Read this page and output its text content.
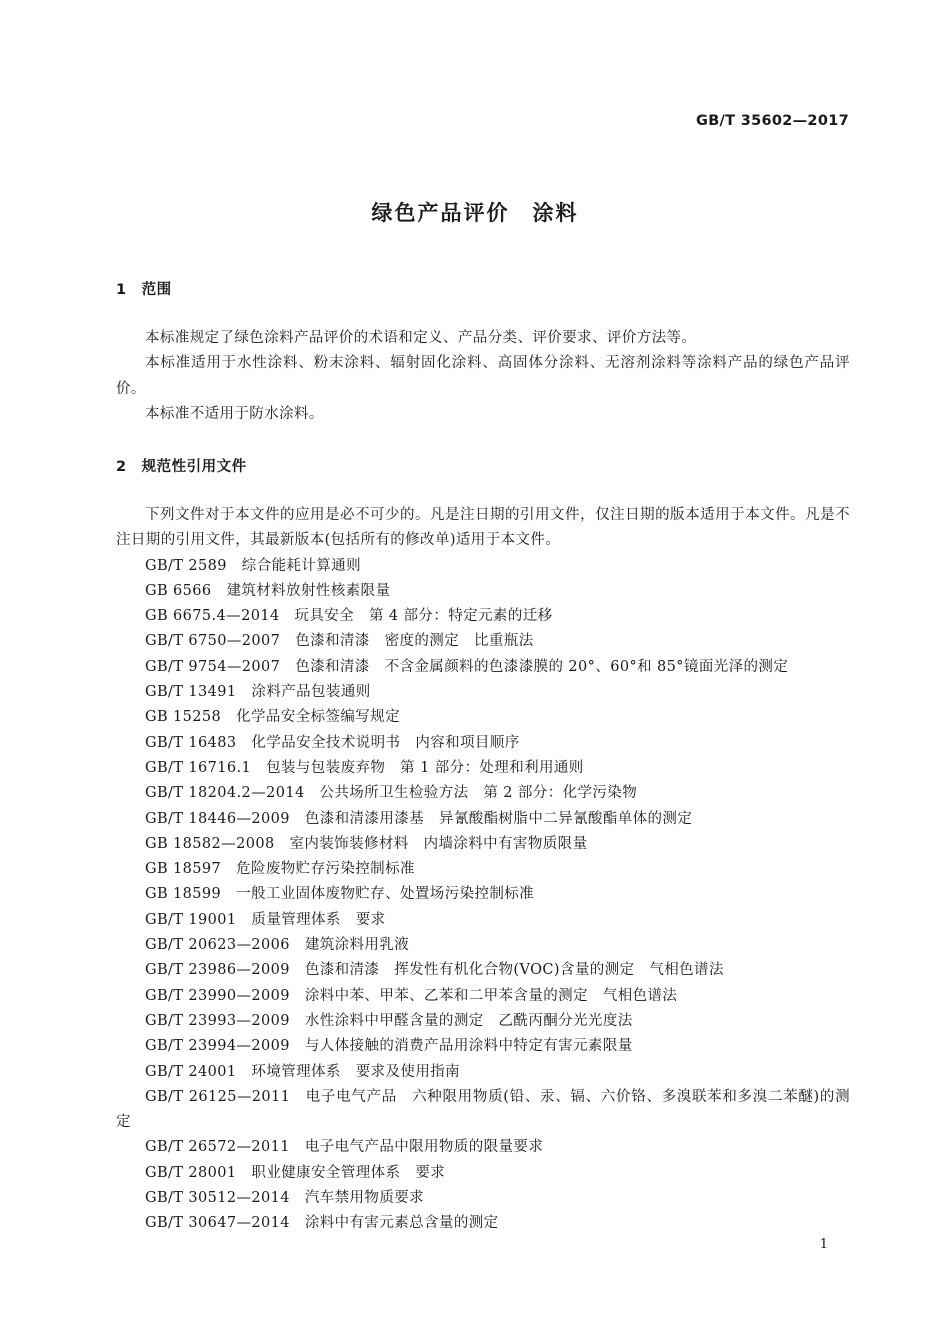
GB/T 35602—2017
绿色产品评价　涂料
1　范围

本标准规定了绿色涂料产品评价的术语和定义、产品分类、评价要求、评价方法等。

本标准适用于水性涂料、粉末涂料、辐射固化涂料、高固体分涂料、无溶剂涂料等涂料产品的绿色产品评价。

本标准不适用于防水涂料。

2　规范性引用文件

下列文件对于本文件的应用是必不可少的。凡是注日期的引用文件，仅注日期的版本适用于本文件。凡是不注日期的引用文件，其最新版本(包括所有的修改单)适用于本文件。

GB/T 2589　综合能耗计算通则
GB 6566　建筑材料放射性核素限量
GB 6675.4—2014　玩具安全　第 4 部分：特定元素的迁移
GB/T 6750—2007　色漆和清漆　密度的测定　比重瓶法
GB/T 9754—2007　色漆和清漆　不含金属颜料的色漆漆膜的 20°、60°和 85°镜面光泽的测定
GB/T 13491　涂料产品包装通则
GB 15258　化学品安全标签编写规定
GB/T 16483　化学品安全技术说明书　内容和项目顺序
GB/T 16716.1　包装与包装废弃物　第 1 部分：处理和利用通则
GB/T 18204.2—2014　公共场所卫生检验方法　第 2 部分：化学污染物
GB/T 18446—2009　色漆和清漆用漆基　异氰酸酯树脂中二异氰酸酯单体的测定
GB 18582—2008　室内装饰装修材料　内墙涂料中有害物质限量
GB 18597　危险废物贮存污染控制标准
GB 18599　一般工业固体废物贮存、处置场污染控制标准
GB/T 19001　质量管理体系　要求
GB/T 20623—2006　建筑涂料用乳液
GB/T 23986—2009　色漆和清漆　挥发性有机化合物(VOC)含量的测定　气相色谱法
GB/T 23990—2009　涂料中苯、甲苯、乙苯和二甲苯含量的测定　气相色谱法
GB/T 23993—2009　水性涂料中甲醛含量的测定　乙酰丙酮分光光度法
GB/T 23994—2009　与人体接触的消费产品用涂料中特定有害元素限量
GB/T 24001　环境管理体系　要求及使用指南
GB/T 26125—2011　电子电气产品　六种限用物质(铅、汞、镉、六价铬、多溴联苯和多溴二苯醚)的测定
GB/T 26572—2011　电子电气产品中限用物质的限量要求
GB/T 28001　职业健康安全管理体系　要求
GB/T 30512—2014　汽车禁用物质要求
GB/T 30647—2014　涂料中有害元素总含量的测定
1
